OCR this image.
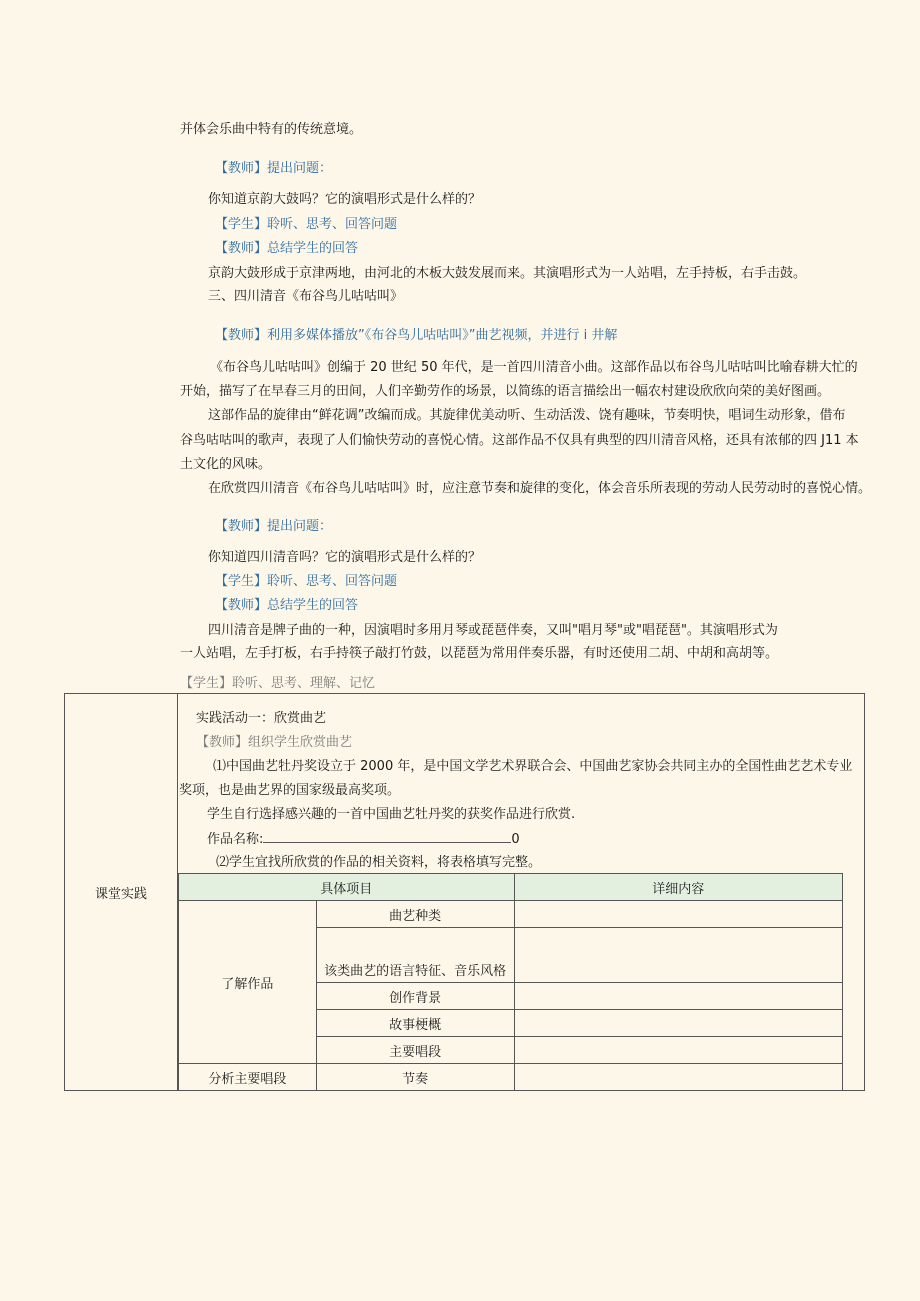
并体会乐曲中特有的传统意境。
【教师】提出问题：
你知道京韵大鼓吗？它的演唱形式是什么样的？
【学生】聆听、思考、回答问题
【教师】总结学生的回答
京韵大鼓形成于京津两地，由河北的木板大鼓发展而来。其演唱形式为一人站唱，左手持板，右手击鼓。
三、四川清音《布谷鸟儿咕咕叫》
【教师】利用多媒体播放”《布谷鸟儿咕咕叫》”曲艺视频，并进行 i 井解
《布谷鸟儿咕咕叫》创编于 20 世纪 50 年代，是一首四川清音小曲。这部作品以布谷鸟儿咕咕叫比喻春耕大忙的
开始，描写了在早春三月的田间，人们辛勤劳作的场景，以简练的语言描绘出一幅农村建设欣欣向荣的美好图画。
这部作品的旋律由“鲜花调”改编而成。其旋律优美动听、生动活泼、饶有趣味，节奏明快，唱词生动形象，借布
谷鸟咕咕叫的歌声，表现了人们愉快劳动的喜悦心情。这部作品不仅具有典型的四川清音风格，还具有浓郁的四 J11 本
土文化的风味。
在欣赏四川清音《布谷鸟儿咕咕叫》时，应注意节奏和旋律的变化，体会音乐所表现的劳动人民劳动时的喜悦心情。
【教师】提出问题：
你知道四川清音吗？它的演唱形式是什么样的？
【学生】聆听、思考、回答问题
【教师】总结学生的回答
四川清音是牌子曲的一种，因演唱时多用月琴或琵琶伴奏，又叫"唱月琴"或"唱琵琶"。其演唱形式为
一人站唱，左手打板，右手持筷子敲打竹鼓，以琵琶为常用伴奏乐器，有时还使用二胡、中胡和高胡等。
【学生】聆听、思考、理解、记忆
课堂实践
实践活动一：欣赏曲艺
【教师】组织学生欣赏曲艺
⑴中国曲艺牡丹奖设立于 2000 年，是中国文学艺术界联合会、中国曲艺家协会共同主办的全国性曲艺艺术专业
奖项，也是曲艺界的国家级最高奖项。
学生自行选择感兴趣的一首中国曲艺牡丹奖的获奖作品进行欣赏.
作品名称:	0
⑵学生宜找所欣赏的作品的相关资料，将表格填写完整。
具体项目		详细内容
了解作品	曲艺种类	
	该类曲艺的语言特征、音乐风格	
	创作背景	
	故事梗概	
	主要唱段	
分析主要唱段	节奏	
